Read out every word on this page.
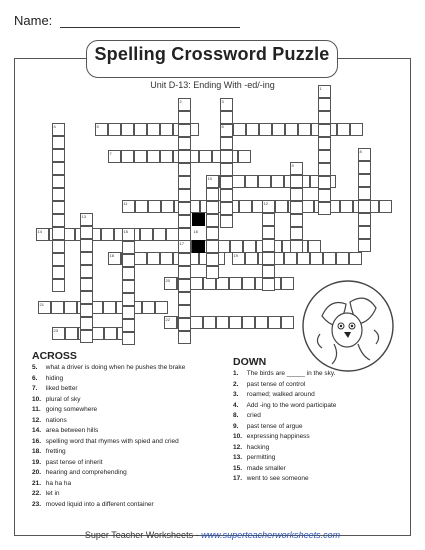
Name:
Spelling Crossword Puzzle
Unit D-13: Ending With -ed/-ing	1
2	3
4	5	6
7	8
9
10
11	12
13
14	15	16
17
18	19
20
21
22
23
ACROSS
5. what a driver is doing when he pushes the brake
6. hiding
7. liked better
10. plural of sky
11. going somewhere
12. nations
14. area between hills
16. spelling word that rhymes with spied and cried
18. fretting
19. past tense of inherit
20. hearing and comprehending
21. ha ha ha
22. let in
23. moved liquid into a different container
DOWN
1. The birds are _____ in the sky.
2. past tense of control
3. roamed; walked around
4. Add -ing to the word participate
8. cried
9. past tense of argue
10. expressing happiness
12. hacking
13. permitting
15. made smaller
17. went to see someone
Super Teacher Worksheets - www.superteacherworksheets.com
